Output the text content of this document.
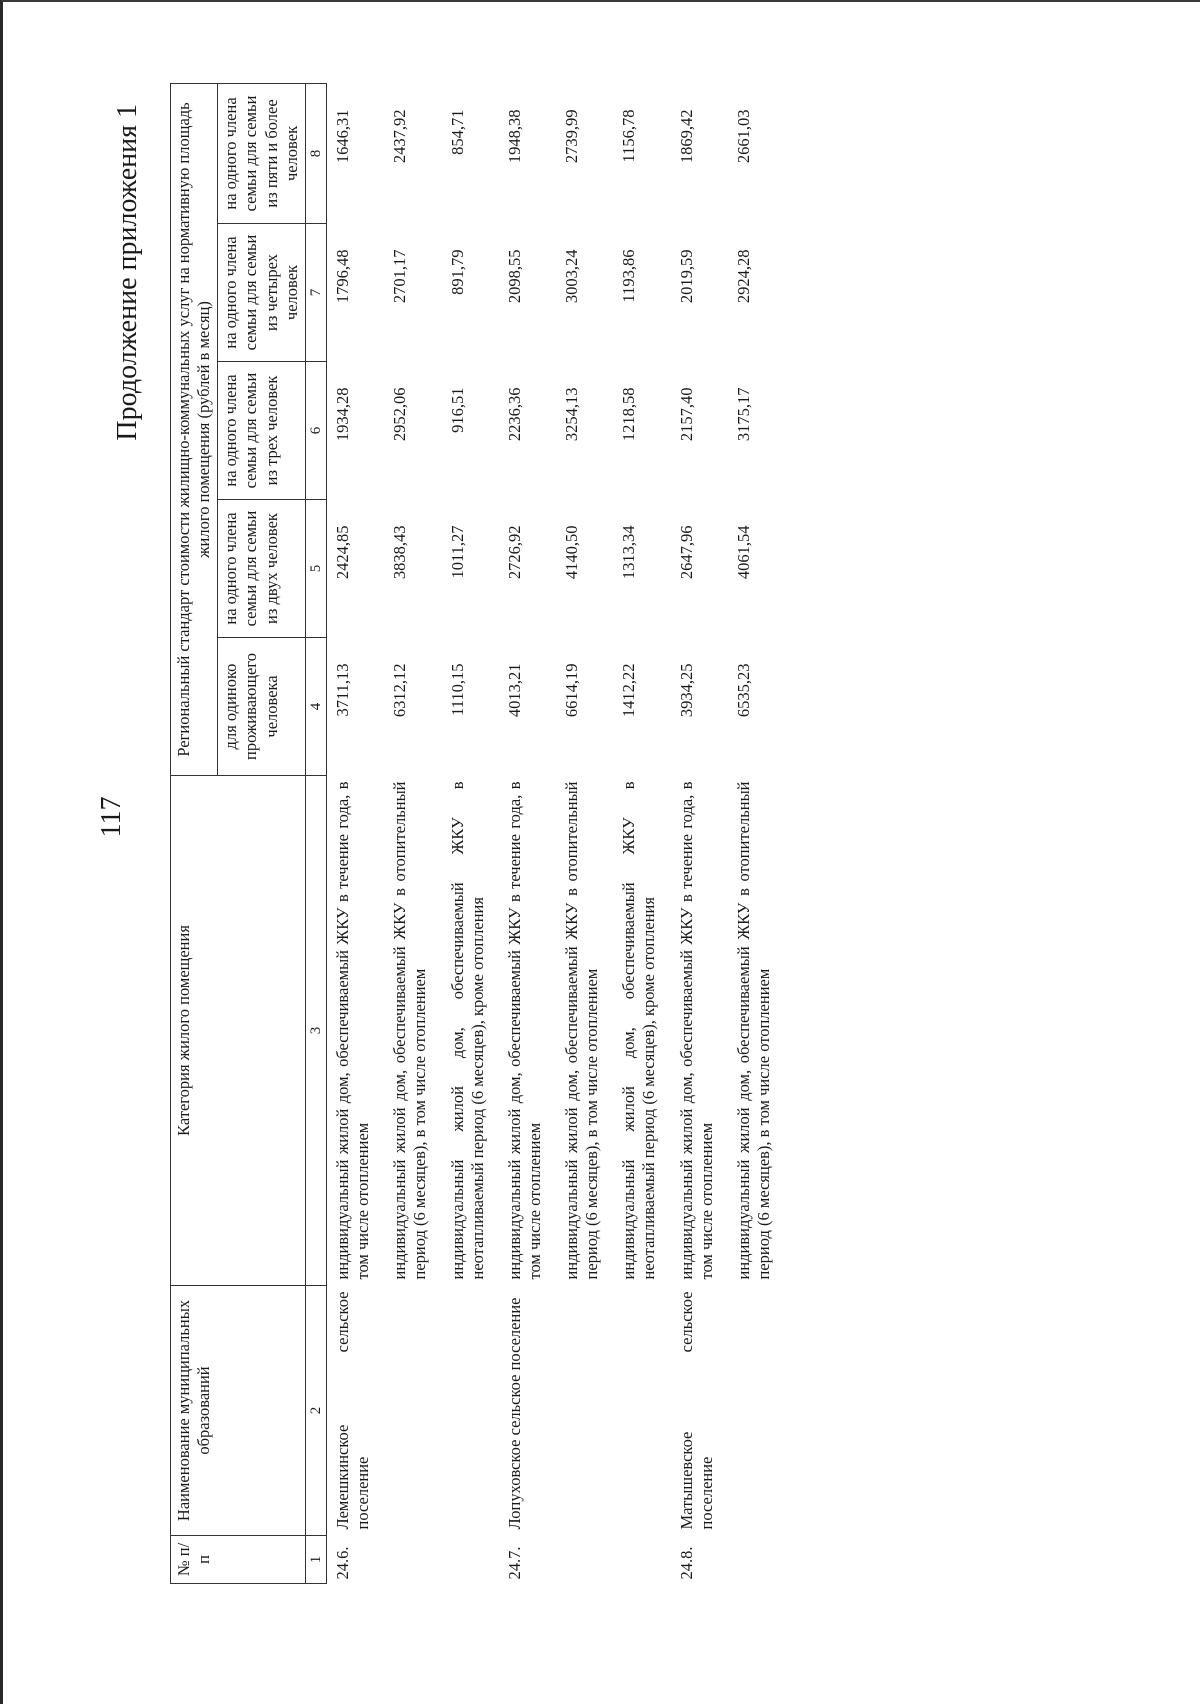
117
Продолжение приложения 1
№ п/п	Наименование муниципальных образований	Категория жилого помещения	Региональный стандарт стоимости жилищно-коммунальных услуг на нормативную площадь жилого помещения (рублей в месяц)				
			для одиноко проживающего человека	на одного члена семьи для семьи из двух человек	на одного члена семьи для семьи из трех человек	на одного члена семьи для семьи из четырех человек	на одного члена семьи для семьи из пяти и более человек
1	2	3	4	5	6	7	8
24.6.	Лемешкинское сельское поселение	индивидуальный жилой дом, обеспечиваемый ЖКУ в течение года, в том числе отоплением	3711,13	2424,85	1934,28	1796,48	1646,31
		индивидуальный жилой дом, обеспечиваемый ЖКУ в отопительный период (6 месяцев), в том числе отоплением	6312,12	3838,43	2952,06	2701,17	2437,92
		индивидуальный жилой дом, обеспечиваемый ЖКУ в неотапливаемый период (6 месяцев), кроме отопления	1110,15	1011,27	916,51	891,79	854,71
24.7.	Лопуховское сельское поселение	индивидуальный жилой дом, обеспечиваемый ЖКУ в течение года, в том числе отоплением	4013,21	2726,92	2236,36	2098,55	1948,38
		индивидуальный жилой дом, обеспечиваемый ЖКУ в отопительный период (6 месяцев), в том числе отоплением	6614,19	4140,50	3254,13	3003,24	2739,99
		индивидуальный жилой дом, обеспечиваемый ЖКУ в неотапливаемый период (6 месяцев), кроме отопления	1412,22	1313,34	1218,58	1193,86	1156,78
24.8.	Матышевское сельское поселение	индивидуальный жилой дом, обеспечиваемый ЖКУ в течение года, в том числе отоплением	3934,25	2647,96	2157,40	2019,59	1869,42
		индивидуальный жилой дом, обеспечиваемый ЖКУ в отопительный период (6 месяцев), в том числе отоплением	6535,23	4061,54	3175,17	2924,28	2661,03
